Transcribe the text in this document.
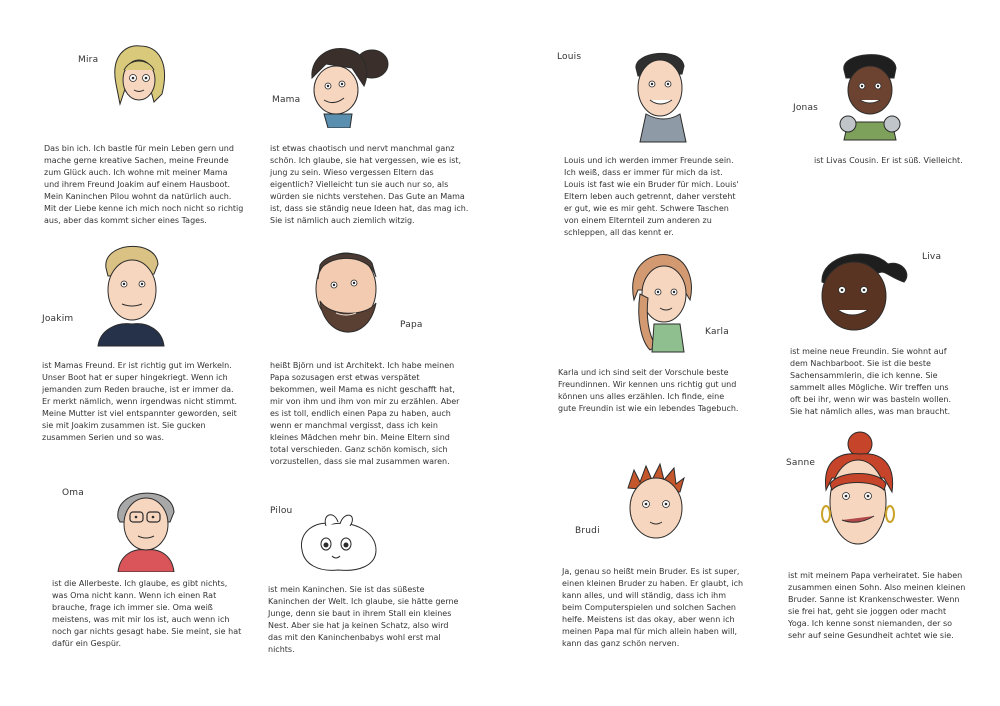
Mira
Das bin ich. Ich bastle für mein Leben gern und mache gerne kreative Sachen, meine Freunde zum Glück auch. Ich wohne mit meiner Mama und ihrem Freund Joakim auf einem Hausboot. Mein Kaninchen Pilou wohnt da natürlich auch. Mit der Liebe kenne ich mich noch nicht so richtig aus, aber das kommt sicher eines Tages.
Mama
ist etwas chaotisch und nervt manchmal ganz schön. Ich glaube, sie hat vergessen, wie es ist, jung zu sein. Wieso vergessen Eltern das eigentlich? Vielleicht tun sie auch nur so, als würden sie nichts verstehen. Das Gute an Mama ist, dass sie ständig neue Ideen hat, das mag ich. Sie ist nämlich auch ziemlich witzig.
Louis
Louis und ich werden immer Freunde sein. Ich weiß, dass er immer für mich da ist. Louis ist fast wie ein Bruder für mich. Louis' Eltern leben auch getrennt, daher versteht er gut, wie es mir geht. Schwere Taschen von einem Elternteil zum anderen zu schleppen, all das kennt er.
Jonas
ist Livas Cousin. Er ist süß. Vielleicht.
Joakim
ist Mamas Freund. Er ist richtig gut im Werkeln. Unser Boot hat er super hingekriegt. Wenn ich jemanden zum Reden brauche, ist er immer da. Er merkt nämlich, wenn irgendwas nicht stimmt. Meine Mutter ist viel entspannter geworden, seit sie mit Joakim zusammen ist. Sie gucken zusammen Serien und so was.
Papa
heißt Björn und ist Architekt. Ich habe meinen Papa sozusagen erst etwas verspätet bekommen, weil Mama es nicht geschafft hat, mir von ihm und ihm von mir zu erzählen. Aber es ist toll, endlich einen Papa zu haben, auch wenn er manchmal vergisst, dass ich kein kleines Mädchen mehr bin. Meine Eltern sind total verschieden. Ganz schön komisch, sich vorzustellen, dass sie mal zusammen waren.
Karla
Karla und ich sind seit der Vorschule beste Freundinnen. Wir kennen uns richtig gut und können uns alles erzählen. Ich finde, eine gute Freundin ist wie ein lebendes Tagebuch.
Liva
ist meine neue Freundin. Sie wohnt auf dem Nachbarboot. Sie ist die beste Sachensammlerin, die ich kenne. Sie sammelt alles Mögliche. Wir treffen uns oft bei ihr, wenn wir was basteln wollen. Sie hat nämlich alles, was man braucht.
Oma
ist die Allerbeste. Ich glaube, es gibt nichts, was Oma nicht kann. Wenn ich einen Rat brauche, frage ich immer sie. Oma weiß meistens, was mit mir los ist, auch wenn ich noch gar nichts gesagt habe. Sie meint, sie hat dafür ein Gespür.
Pilou
ist mein Kaninchen. Sie ist das süßeste Kaninchen der Welt. Ich glaube, sie hätte gerne Junge, denn sie baut in ihrem Stall ein kleines Nest. Aber sie hat ja keinen Schatz, also wird das mit den Kaninchenbabys wohl erst mal nichts.
Brudi
Ja, genau so heißt mein Bruder. Es ist super, einen kleinen Bruder zu haben. Er glaubt, ich kann alles, und will ständig, dass ich ihm beim Computerspielen und solchen Sachen helfe. Meistens ist das okay, aber wenn ich meinen Papa mal für mich allein haben will, kann das ganz schön nerven.
Sanne
ist mit meinem Papa verheiratet. Sie haben zusammen einen Sohn. Also meinen kleinen Bruder. Sanne ist Krankenschwester. Wenn sie frei hat, geht sie joggen oder macht Yoga. Ich kenne sonst niemanden, der so sehr auf seine Gesundheit achtet wie sie.
